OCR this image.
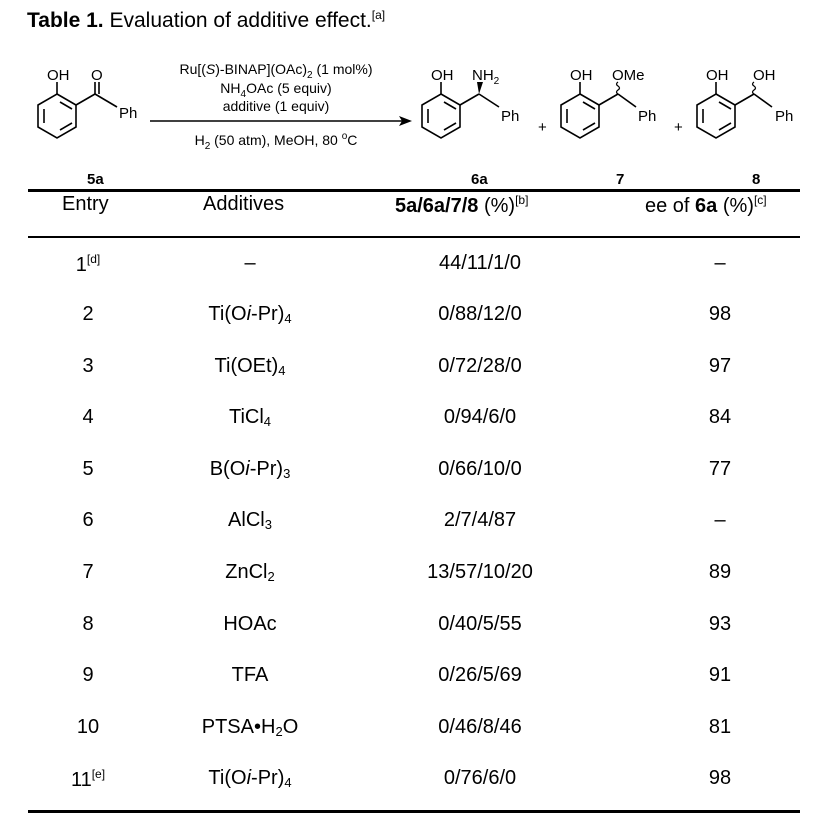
Table 1. Evaluation of additive effect.[a]
OH O
Ph
5a
$Ru[(S)-BINAP](OAc)_2$ (1 mol%)
$NH_4OAc$ (5 equiv)
additive (1 equiv)
$H_2$ (50 atm), MeOH, 80 $^o$C
OH $NH_2$
Ph
6a
+
OH OMe
Ph
7
+
OH OH
Ph
8
Entry	Additives	5a/6a/7/8 (%)[b]	ee of 6a (%)[c]
1[d]	–	44/11/1/0	–
2	$Ti(Oi-Pr)_4$	0/88/12/0	98
3	$Ti(OEt)_4$	0/72/28/0	97
4	TiCl$_4$	0/94/6/0	84
5	$B(Oi-Pr)_3$	0/66/10/0	77
6	AlCl$_3$	2/7/4/87	–
7	ZnCl$_2$	13/57/10/20	89
8	HOAc	0/40/5/55	93
9	TFA	0/26/5/69	91
10	$PTSA•H_2O$	0/46/8/46	81
11[e]	$Ti(Oi-Pr)_4$	0/76/6/0	98
